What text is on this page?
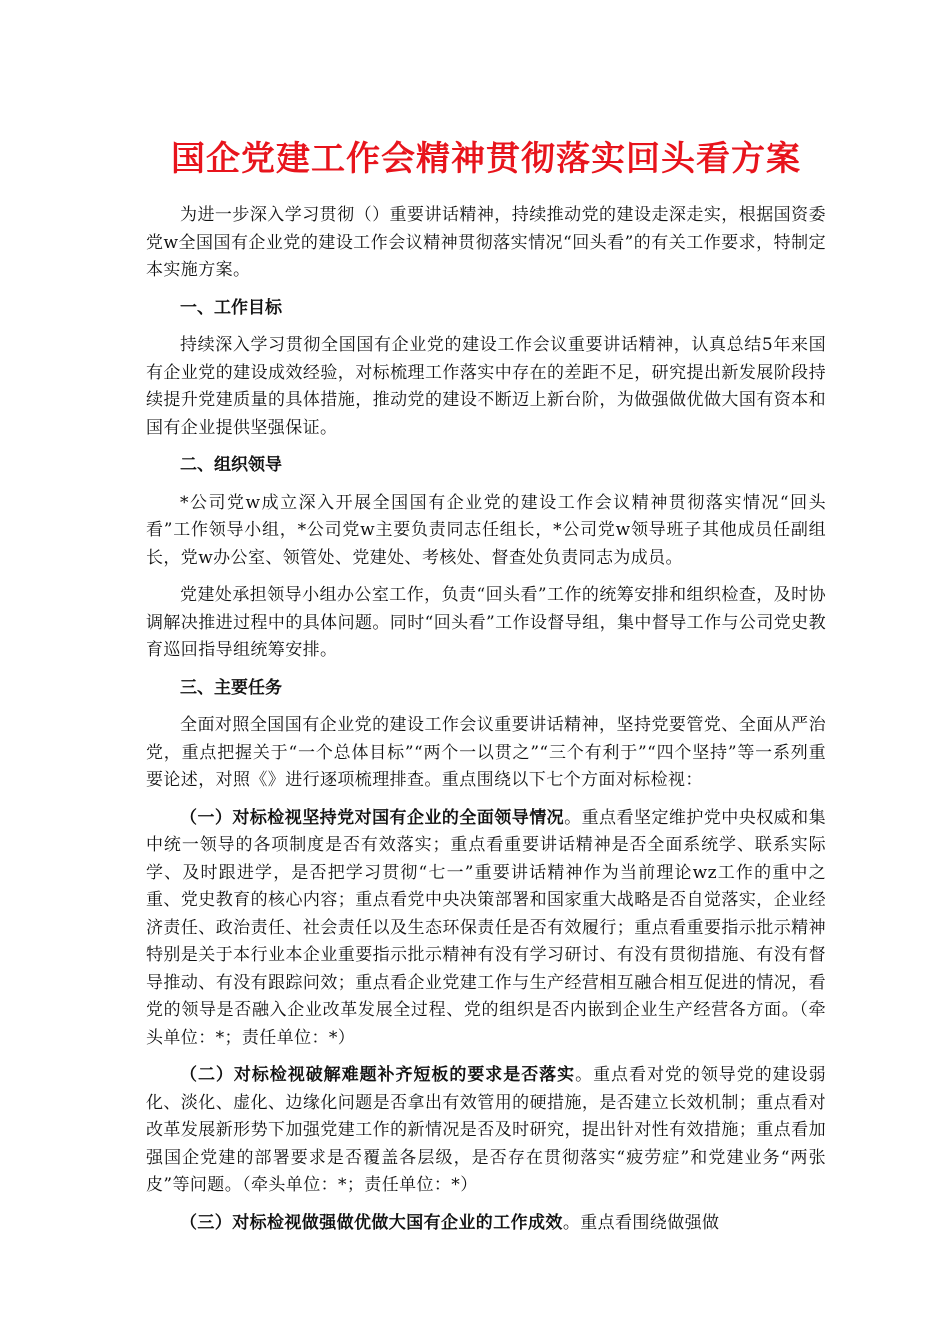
国企党建工作会精神贯彻落实回头看方案

为进一步深入学习贯彻（）重要讲话精神，持续推动党的建设走深走实，根据国资委党w全国国有企业党的建设工作会议精神贯彻落实情况“回头看”的有关工作要求，特制定本实施方案。

一、工作目标

持续深入学习贯彻全国国有企业党的建设工作会议重要讲话精神，认真总结5年来国有企业党的建设成效经验，对标梳理工作落实中存在的差距不足，研究提出新发展阶段持续提升党建质量的具体措施，推动党的建设不断迈上新台阶，为做强做优做大国有资本和国有企业提供坚强保证。

二、组织领导

*公司党w成立深入开展全国国有企业党的建设工作会议精神贯彻落实情况“回头看”工作领导小组，*公司党w主要负责同志任组长，*公司党w领导班子其他成员任副组长，党w办公室、领管处、党建处、考核处、督查处负责同志为成员。

党建处承担领导小组办公室工作，负责“回头看”工作的统筹安排和组织检查，及时协调解决推进过程中的具体问题。同时“回头看”工作设督导组，集中督导工作与公司党史教育巡回指导组统筹安排。

三、主要任务

全面对照全国国有企业党的建设工作会议重要讲话精神，坚持党要管党、全面从严治党，重点把握关于“一个总体目标”“两个一以贯之”“三个有利于”“四个坚持”等一系列重要论述，对照《》进行逐项梳理排查。重点围绕以下七个方面对标检视：

（一）对标检视坚持党对国有企业的全面领导情况。重点看坚定维护党中央权威和集中统一领导的各项制度是否有效落实；重点看重要讲话精神是否全面系统学、联系实际学、及时跟进学，是否把学习贯彻“七一”重要讲话精神作为当前理论wz工作的重中之重、党史教育的核心内容；重点看党中央决策部署和国家重大战略是否自觉落实，企业经济责任、政治责任、社会责任以及生态环保责任是否有效履行；重点看重要指示批示精神特别是关于本行业本企业重要指示批示精神有没有学习研讨、有没有贯彻措施、有没有督导推动、有没有跟踪问效；重点看企业党建工作与生产经营相互融合相互促进的情况，看党的领导是否融入企业改革发展全过程、党的组织是否内嵌到企业生产经营各方面。（牵头单位：*；责任单位：*）

（二）对标检视破解难题补齐短板的要求是否落实。重点看对党的领导党的建设弱化、淡化、虚化、边缘化问题是否拿出有效管用的硬措施，是否建立长效机制；重点看对改革发展新形势下加强党建工作的新情况是否及时研究，提出针对性有效措施；重点看加强国企党建的部署要求是否覆盖各层级，是否存在贯彻落实“疲劳症”和党建业务“两张皮”等问题。（牵头单位：*；责任单位：*）

（三）对标检视做强做优做大国有企业的工作成效。重点看围绕做强做
